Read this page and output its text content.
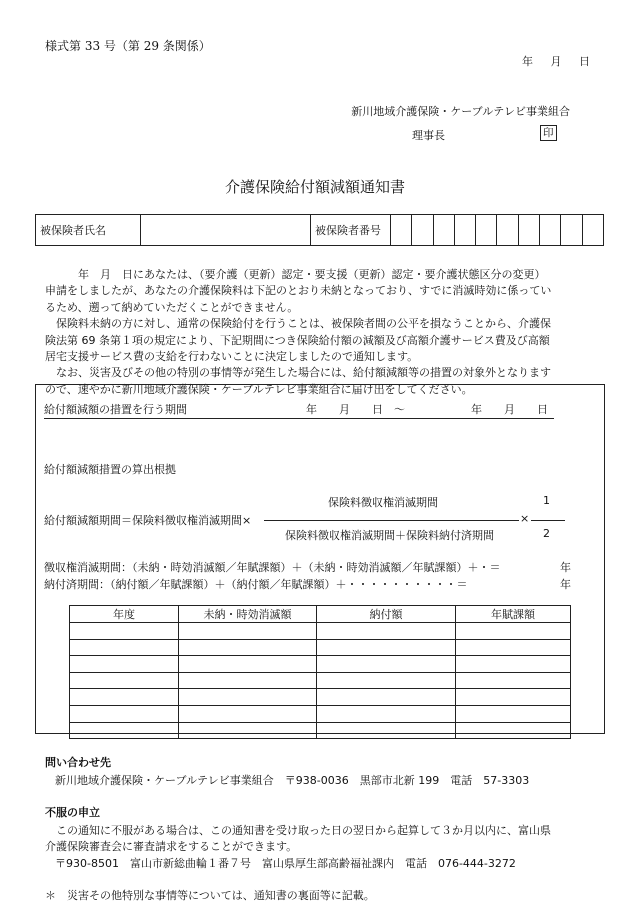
様式第 33 号（第 29 条関係）
年 月 日
新川地域介護保険・ケーブルテレビ事業組合
理事長	印
介護保険給付額減額通知書
被保険者氏名		被保険者番号										

　　　年　月　日にあなたは、（要介護（更新）認定・要支援（更新）認定・要介護状態区分の変更）

申請をしましたが、あなたの介護保険料は下記のとおり未納となっており、すでに消滅時効に係ってい

るため、遡って納めていただくことができません。

　保険料未納の方に対し、通常の保険給付を行うことは、被保険者間の公平を損なうことから、介護保

険法第 69 条第１項の規定により、下記期間につき保険給付額の減額及び高額介護サービス費及び高額

居宅支援サービス費の支給を行わないことに決定しましたので通知します。

　なお、災害及びその他の特別の事情等が発生した場合には、給付額減額等の措置の対象外となります

ので、速やかに新川地域介護保険・ケーブルテレビ事業組合に届け出をしてください。

給付額減額の措置を行う期間	年　　月　　日　～	年　　月　　日
給付額減額措置の算出根拠
保険料徴収権消滅期間
給付額減額期間＝保険料徴収権消滅期間×	×
1
2
保険料徴収権消滅期間＋保険料納付済期間
徴収権消滅期間：（未納・時効消滅額／年賦課額）＋（未納・時効消滅額／年賦課額）＋・＝	年
納付済期間：（納付額／年賦課額）＋（納付額／年賦課額）＋・・・・・・・・・・＝	年
年度	未納・時効消滅額	納付額	年賦課額

問い合わせ先
新川地域介護保険・ケーブルテレビ事業組合　〒938-0036　黒部市北新 199　電話　57-3303
不服の申立
　この通知に不服がある場合は、この通知書を受け取った日の翌日から起算して３か月以内に、富山県
介護保険審査会に審査請求をすることができます。
〒930-8501　富山市新総曲輪１番７号　富山県厚生部高齢福祉課内　電話　076-444-3272
＊　災害その他特別な事情等については、通知書の裏面等に記載。
